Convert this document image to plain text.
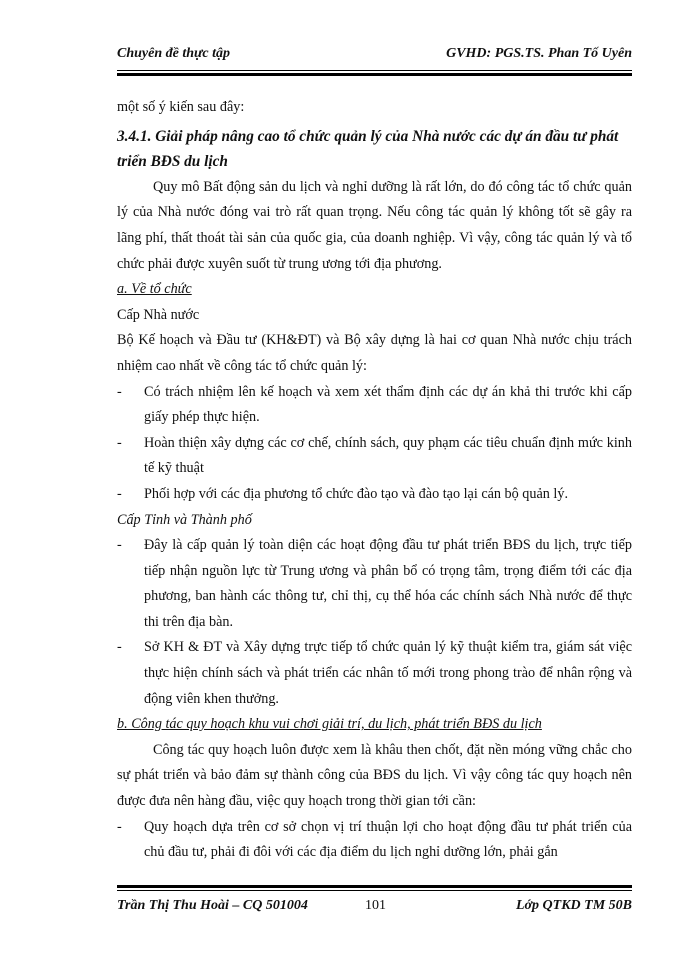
Chuyên đề thực tập	GVHD: PGS.TS. Phan Tố Uyên

một số ý kiến sau đây:

3.4.1. Giải pháp nâng cao tổ chức quản lý của Nhà nước các dự án đầu tư phát triển BĐS du lịch

Quy mô Bất động sản du lịch và nghỉ dưỡng là rất lớn, do đó công tác tổ chức quản lý của Nhà nước đóng vai trò rất quan trọng. Nếu công tác quản lý không tốt sẽ gây ra lãng phí, thất thoát tài sản của quốc gia, của doanh nghiệp. Vì vậy, công tác quản lý và tổ chức phải được xuyên suốt từ trung ương tới địa phương.

a. Về tổ chức

Cấp Nhà nước

Bộ Kế hoạch và Đầu tư (KH&ĐT) và Bộ xây dựng là hai cơ quan Nhà nước chịu trách nhiệm cao nhất về công tác tổ chức quản lý:

-	Có trách nhiệm lên kế hoạch và xem xét thẩm định các dự án khả thi trước khi cấp giấy phép thực hiện.
-	Hoàn thiện xây dựng các cơ chế, chính sách, quy phạm các tiêu chuẩn định mức kinh tế kỹ thuật
-	Phối hợp với các địa phương tổ chức đào tạo và đào tạo lại cán bộ quản lý.

Cấp Tỉnh và Thành phố

-	Đây là cấp quản lý toàn diện các hoạt động đầu tư phát triển BĐS du lịch, trực tiếp tiếp nhận nguồn lực từ Trung ương và phân bổ có trọng tâm, trọng điểm tới các địa phương, ban hành các thông tư, chỉ thị, cụ thể hóa các chính sách Nhà nước để thực thi trên địa bàn.
-	Sở KH & ĐT và Xây dựng trực tiếp tổ chức quản lý kỹ thuật kiểm tra, giám sát việc thực hiện chính sách và phát triển các nhân tố mới trong phong trào để nhân rộng và động viên khen thưởng.

b. Công tác quy hoạch khu vui chơi giải trí, du lịch, phát triển BĐS du lịch

Công tác quy hoạch luôn được xem là khâu then chốt, đặt nền móng vững chắc cho sự phát triển và bảo đảm sự thành công của BĐS du lịch. Vì vậy công tác quy hoạch nên được đưa nên hàng đầu, việc quy hoạch trong thời gian tới cần:

-	Quy hoạch dựa trên cơ sở chọn vị trí thuận lợi cho hoạt động đầu tư phát triển của chủ đầu tư, phải đi đôi với các địa điểm du lịch nghỉ dưỡng lớn, phải gắn
Trần Thị Thu Hoài – CQ 501004	101	Lớp QTKD TM 50B
